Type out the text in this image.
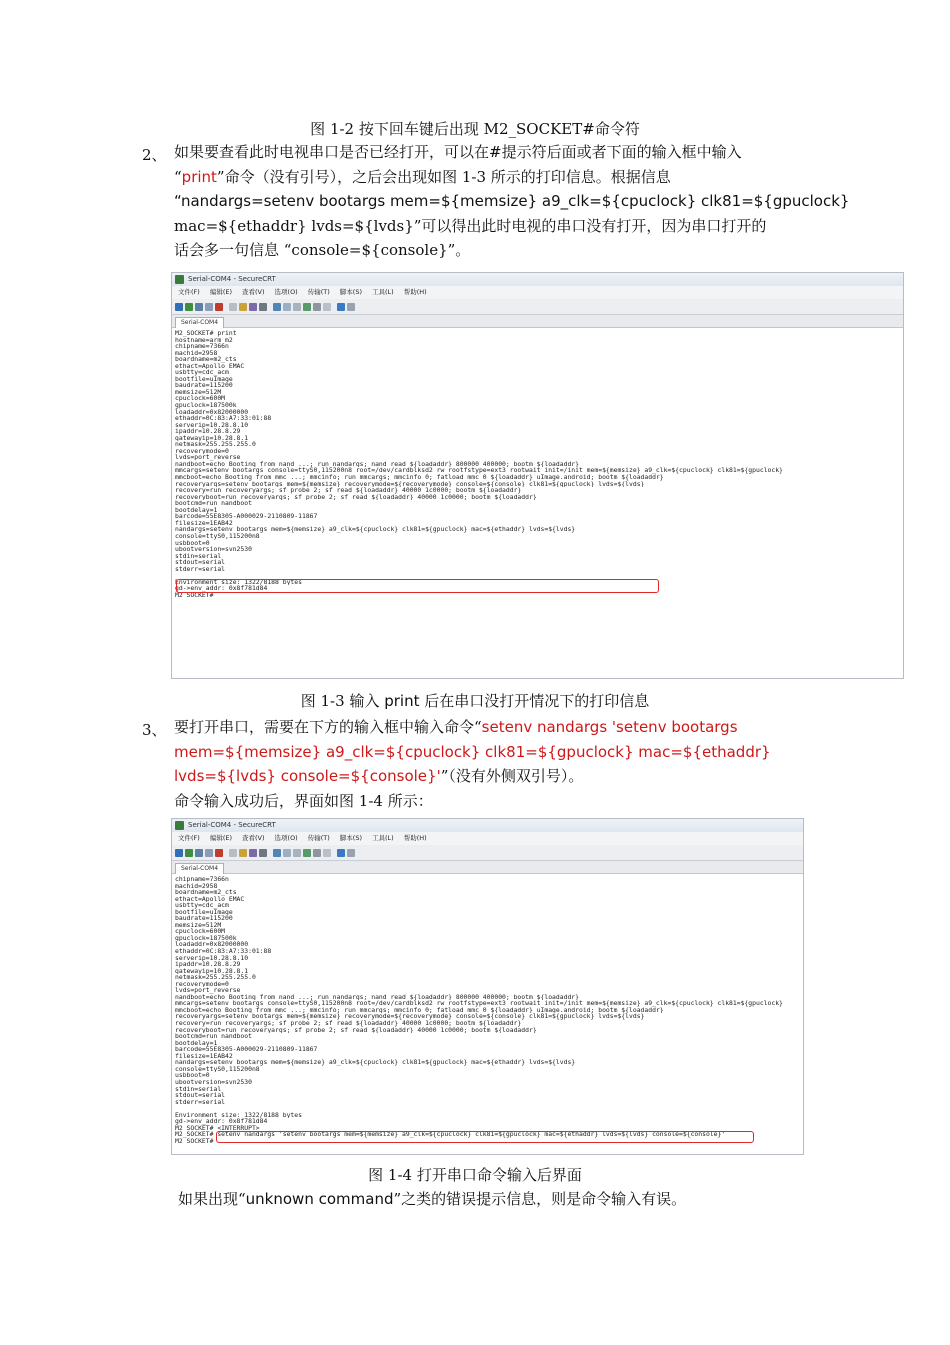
图 1-2 按下回车键后出现 M2_SOCKET#命令符
2、 如果要查看此时电视串口是否已经打开，可以在#提示符后面或者下面的输入框中输入
“print”命令（没有引号），之后会出现如图 1-3 所示的打印信息。根据信息
“nandargs=setenv bootargs mem=${memsize} a9_clk=${cpuclock} clk81=${gpuclock}
mac=${ethaddr} lvds=${lvds}”可以得出此时电视的串口没有打开，因为串口打开的
话会多一句信息 “console=${console}”。
Serial-COM4 - SecureCRT
文件(F) 编辑(E) 查看(V) 选项(O) 传输(T) 脚本(S) 工具(L) 帮助(H)
Serial-COM4
M2_SOCKET# print
hostname=arm_m2
chipname=7366n
machid=2958
boardname=m2_cts
ethact=Apollo EMAC
usbtty=cdc_acm
bootfile=uImage
baudrate=115200
memsize=512M
cpuclock=600M
gpuclock=187500k
loadaddr=0x82000000
ethaddr=0C:83:A7:33:01:88
serverip=10.28.8.10
ipaddr=10.28.8.29
gatewayip=10.28.8.1
netmask=255.255.255.0
recoverymode=0
lvds=port_reverse
nandboot=echo Booting from nand ...; run nandargs; nand read ${loadaddr} 800000 400000; bootm ${loadaddr}
mmcargs=setenv bootargs console=ttyS0,115200n8 root=/dev/cardblksd2 rw rootfstype=ext3 rootwait init=/init mem=${memsize} a9_clk=${cpuclock} clk81=${gpuclock}
mmcboot=echo Booting from mmc ...; mmcinfo; run mmcargs; mmcinfo 0; fatload mmc 0 ${loadaddr} uImage.android; bootm ${loadaddr}
recoveryargs=setenv bootargs mem=${memsize} recoverymode=${recoverymode} console=${console} clk81=${gpuclock} lvds=${lvds}
recovery=run recoveryargs; sf probe 2; sf read ${loadaddr} 40000 1c0000; bootm ${loadaddr}
recoveryboot=run recoveryargs; sf probe 2; sf read ${loadaddr} 40000 1c0000; bootm ${loadaddr}
bootcmd=run nandboot
bootdelay=1
barcode=55E8305-A000029-2110809-11867
filesize=1EAB42
nandargs=setenv bootargs mem=${memsize} a9_clk=${cpuclock} clk81=${gpuclock} mac=${ethaddr} lvds=${lvds}
console=ttyS0,115200n8
usbboot=0
ubootversion=svn2530
stdin=serial
stdout=serial
stderr=serial
Environment size: 1322/8188 bytes
gd->env_addr: 0x8f781d84
M2_SOCKET#
图 1-3 输入 print 后在串口没打开情况下的打印信息
3、 要打开串口，需要在下方的输入框中输入命令“setenv nandargs 'setenv bootargs
mem=${memsize} a9_clk=${cpuclock} clk81=${gpuclock} mac=${ethaddr}
lvds=${lvds} console=${console}'”（没有外侧双引号）。
命令输入成功后，界面如图 1-4 所示：
Serial-COM4 - SecureCRT
文件(F) 编辑(E) 查看(V) 选项(O) 传输(T) 脚本(S) 工具(L) 帮助(H)
Serial-COM4
chipname=7366n
machid=2958
boardname=m2_cts
ethact=Apollo EMAC
usbtty=cdc_acm
bootfile=uImage
baudrate=115200
memsize=512M
cpuclock=600M
gpuclock=187500k
loadaddr=0x82000000
ethaddr=0C:83:A7:33:01:88
serverip=10.28.8.10
ipaddr=10.28.8.29
gatewayip=10.28.8.1
netmask=255.255.255.0
recoverymode=0
lvds=port_reverse
nandboot=echo Booting from nand ...; run nandargs; nand read ${loadaddr} 800000 400000; bootm ${loadaddr}
mmcargs=setenv bootargs console=ttyS0,115200n8 root=/dev/cardblksd2 rw rootfstype=ext3 rootwait init=/init mem=${memsize} a9_clk=${cpuclock} clk81=${gpuclock}
mmcboot=echo Booting from mmc ...; mmcinfo; run mmcargs; mmcinfo 0; fatload mmc 0 ${loadaddr} uImage.android; bootm ${loadaddr}
recoveryargs=setenv bootargs mem=${memsize} recoverymode=${recoverymode} console=${console} clk81=${gpuclock} lvds=${lvds}
recovery=run recoveryargs; sf probe 2; sf read ${loadaddr} 40000 1c0000; bootm ${loadaddr}
recoveryboot=run recoveryargs; sf probe 2; sf read ${loadaddr} 40000 1c0000; bootm ${loadaddr}
bootcmd=run nandboot
bootdelay=1
barcode=55E8305-A000029-2110809-11867
filesize=1EAB42
nandargs=setenv bootargs mem=${memsize} a9_clk=${cpuclock} clk81=${gpuclock} mac=${ethaddr} lvds=${lvds}
console=ttyS0,115200n8
usbboot=0
ubootversion=svn2530
stdin=serial
stdout=serial
stderr=serial
Environment size: 1322/8188 bytes
gd->env_addr: 0x8f781d84
M2_SOCKET# <INTERRUPT>
M2_SOCKET# setenv nandargs 'setenv bootargs mem=${memsize} a9_clk=${cpuclock} clk81=${gpuclock} mac=${ethaddr} lvds=${lvds} console=${console}'
M2_SOCKET#
图 1-4 打开串口命令输入后界面
如果出现“unknown command”之类的错误提示信息，则是命令输入有误。
